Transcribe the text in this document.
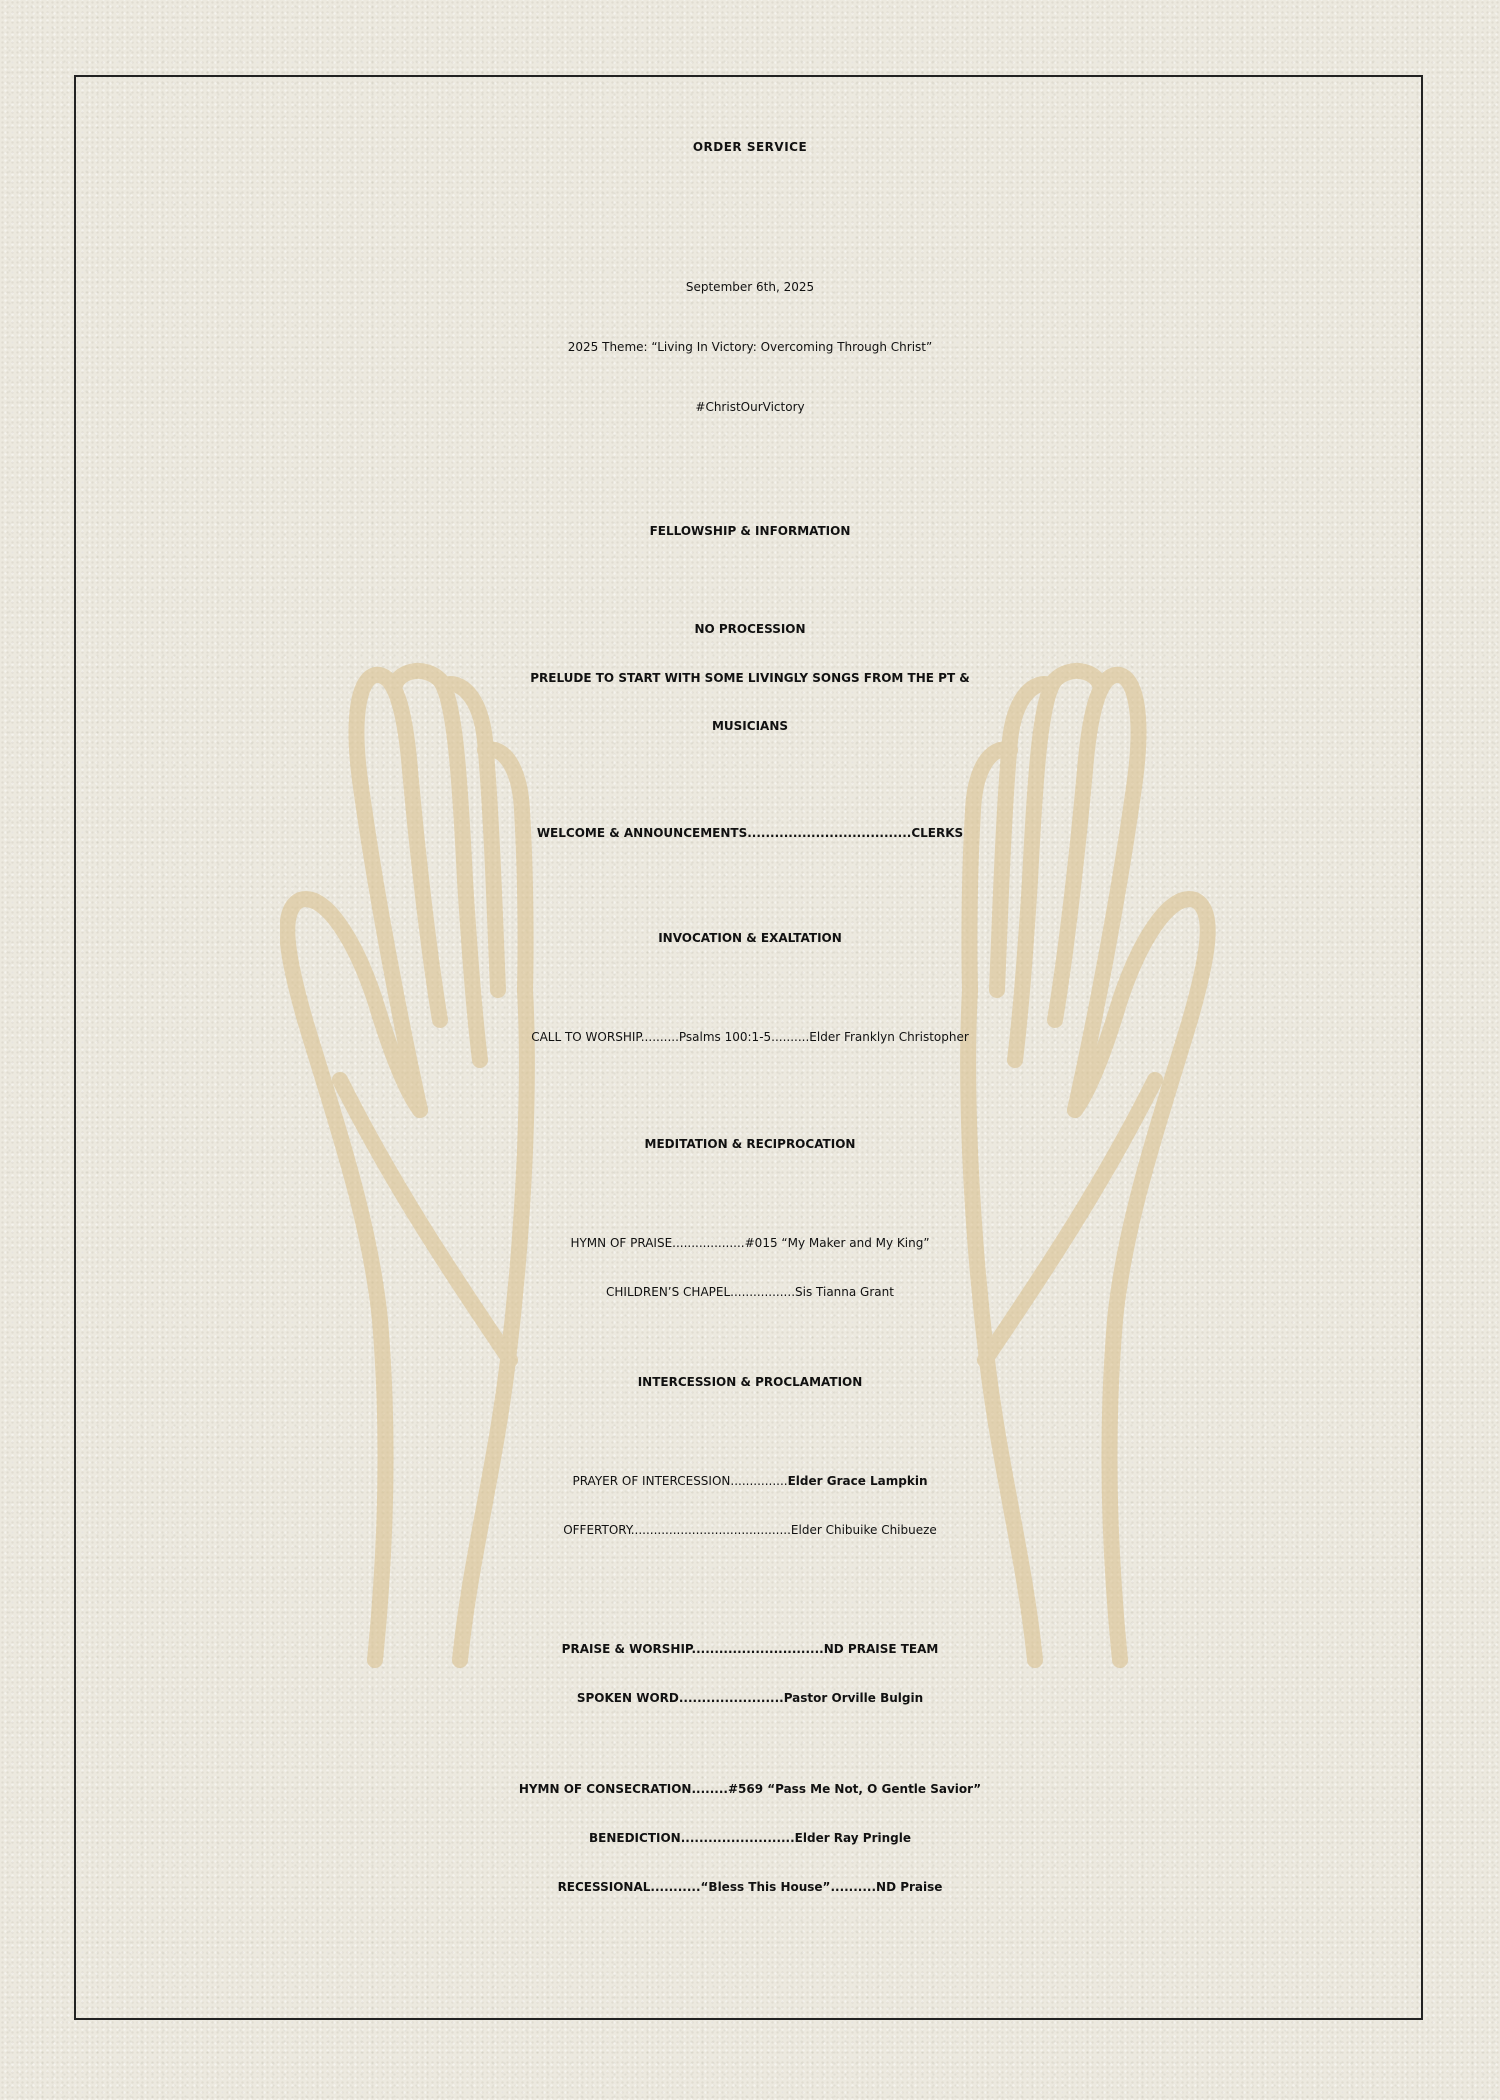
ORDER SERVICE
September 6th, 2025
2025 Theme: “Living In Victory: Overcoming Through Christ”
#ChristOurVictory
FELLOWSHIP & INFORMATION
NO PROCESSION
PRELUDE TO START WITH SOME LIVINGLY SONGS FROM THE PT &
MUSICIANS
WELCOME & ANNOUNCEMENTS....................................CLERKS
INVOCATION & EXALTATION
CALL TO WORSHIP..........Psalms 100:1-5..........Elder Franklyn Christopher
MEDITATION & RECIPROCATION
HYMN OF PRAISE...................#015 “My Maker and My King”
CHILDREN’S CHAPEL.................Sis Tianna Grant
INTERCESSION & PROCLAMATION
PRAYER OF INTERCESSION...............Elder Grace Lampkin
OFFERTORY..........................................Elder Chibuike Chibueze
PRAISE & WORSHIP.............................ND PRAISE TEAM
SPOKEN WORD.......................Pastor Orville Bulgin
HYMN OF CONSECRATION........#569 “Pass Me Not, O Gentle Savior”
BENEDICTION.........................Elder Ray Pringle
RECESSIONAL...........“Bless This House”..........ND Praise
